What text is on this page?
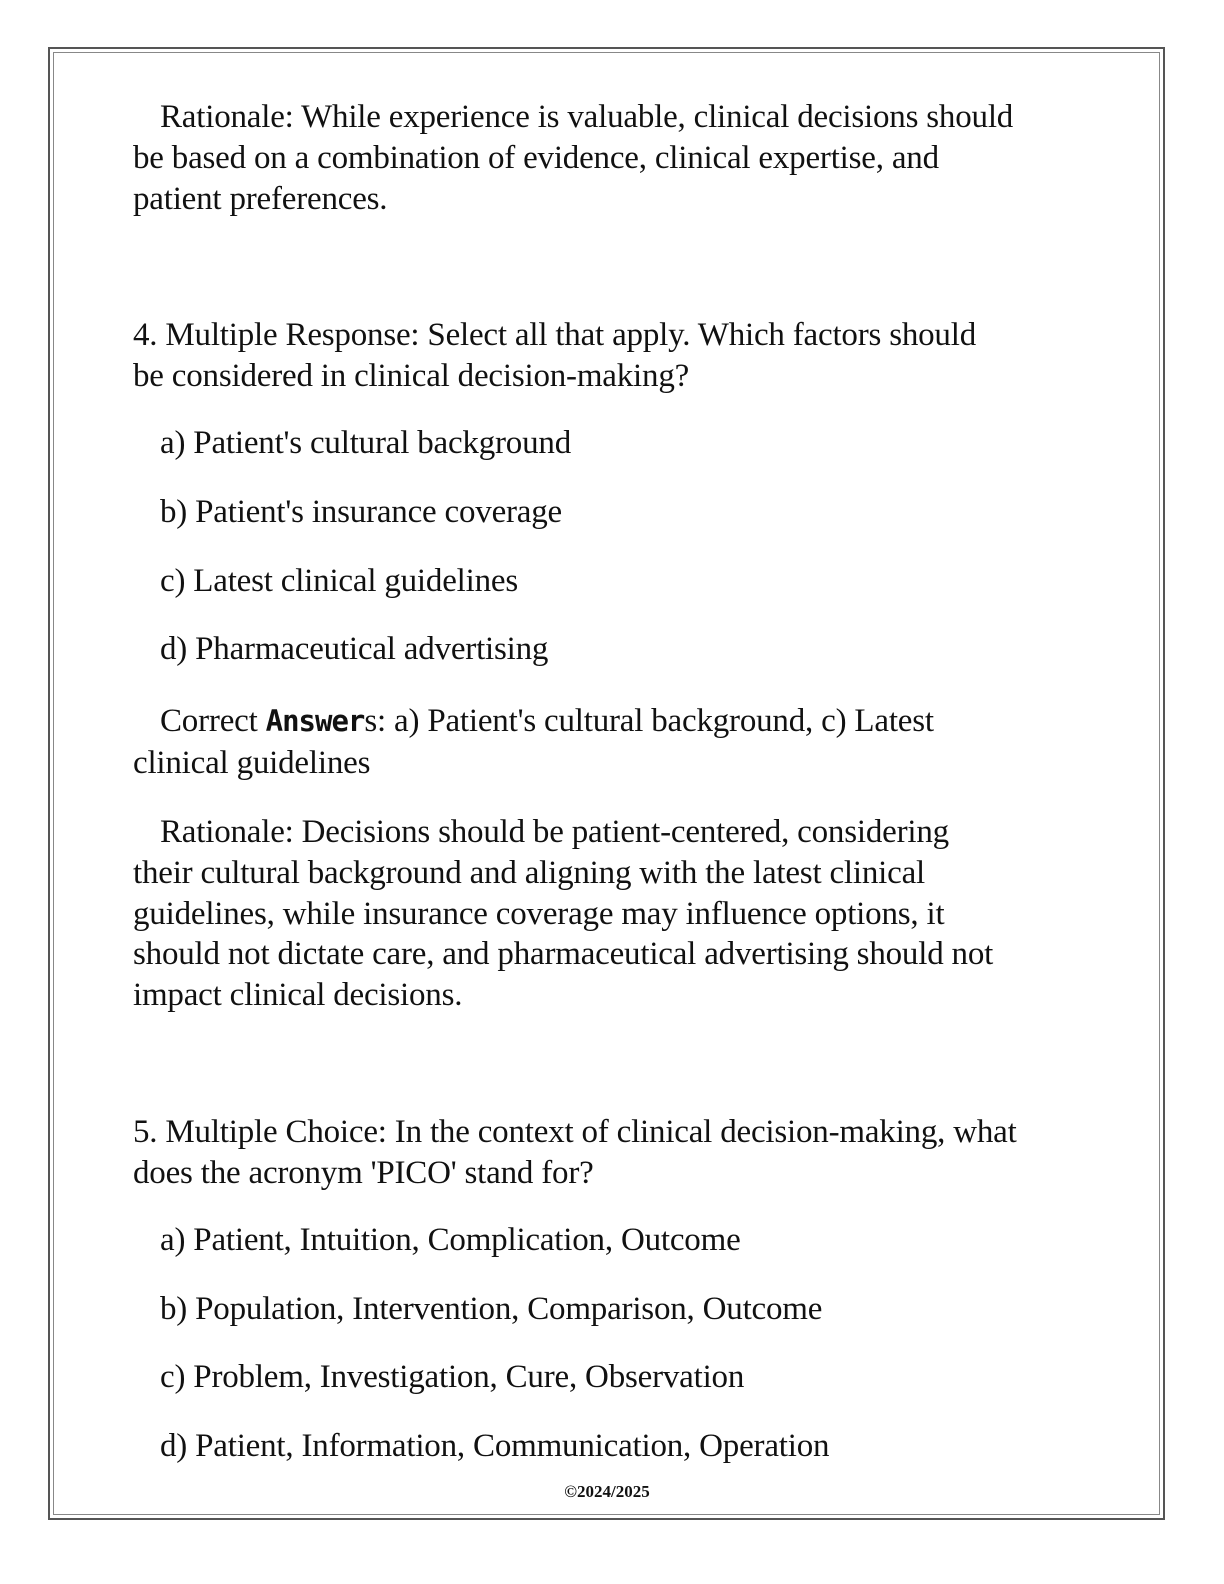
Rationale: While experience is valuable, clinical decisions should
be based on a combination of evidence, clinical expertise, and
patient preferences.
4. Multiple Response: Select all that apply. Which factors should
be considered in clinical decision-making?
a) Patient's cultural background
b) Patient's insurance coverage
c) Latest clinical guidelines
d) Pharmaceutical advertising
Correct Answers: a) Patient's cultural background, c) Latest
clinical guidelines
Rationale: Decisions should be patient-centered, considering
their cultural background and aligning with the latest clinical
guidelines, while insurance coverage may influence options, it
should not dictate care, and pharmaceutical advertising should not
impact clinical decisions.
5. Multiple Choice: In the context of clinical decision-making, what
does the acronym 'PICO' stand for?
a) Patient, Intuition, Complication, Outcome
b) Population, Intervention, Comparison, Outcome
c) Problem, Investigation, Cure, Observation
d) Patient, Information, Communication, Operation
©2024/2025
